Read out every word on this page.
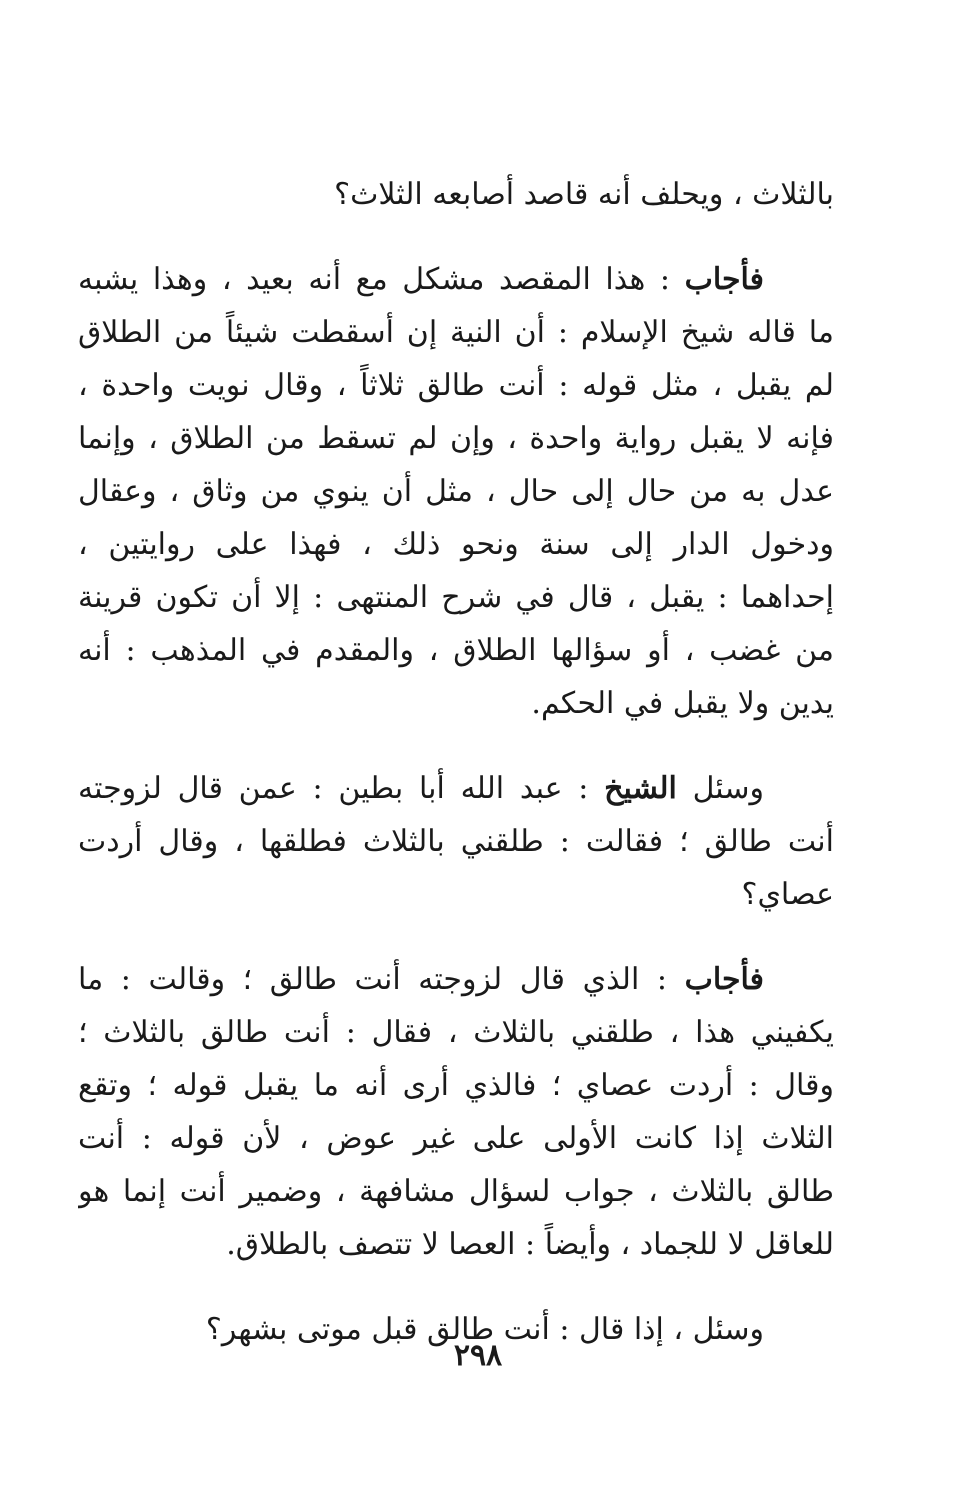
بالثلاث ، ويحلف أنه قاصد أصابعه الثلاث؟
فأجاب : هذا المقصد مشكل مع أنه بعيد ، وهذا يشبه
ما قاله شيخ الإسلام : أن النية إن أسقطت شيئاً من الطلاق
لم يقبل ، مثل قوله : أنت طالق ثلاثاً ، وقال نويت واحدة ،
فإنه لا يقبل رواية واحدة ، وإن لم تسقط من الطلاق ، وإنما
عدل به من حال إلى حال ، مثل أن ينوي من وثاق ، وعقال
ودخول الدار إلى سنة ونحو ذلك ، فهذا على روايتين ،
إحداهما : يقبل ، قال في شرح المنتهى : إلا أن تكون قرينة
من غضب ، أو سؤالها الطلاق ، والمقدم في المذهب : أنه
يدين ولا يقبل في الحكم.
وسئل الشيخ : عبد الله أبا بطين : عمن قال لزوجته
أنت طالق ؛ فقالت : طلقني بالثلاث فطلقها ، وقال أردت
عصاي؟
فأجاب : الذي قال لزوجته أنت طالق ؛ وقالت : ما
يكفيني هذا ، طلقني بالثلاث ، فقال : أنت طالق بالثلاث ؛
وقال : أردت عصاي ؛ فالذي أرى أنه ما يقبل قوله ؛ وتقع
الثلاث إذا كانت الأولى على غير عوض ، لأن قوله : أنت
طالق بالثلاث ، جواب لسؤال مشافهة ، وضمير أنت إنما هو
للعاقل لا للجماد ، وأيضاً : العصا لا تتصف بالطلاق.
وسئل ، إذا قال : أنت طالق قبل موتى بشهر؟
٢٩٨
